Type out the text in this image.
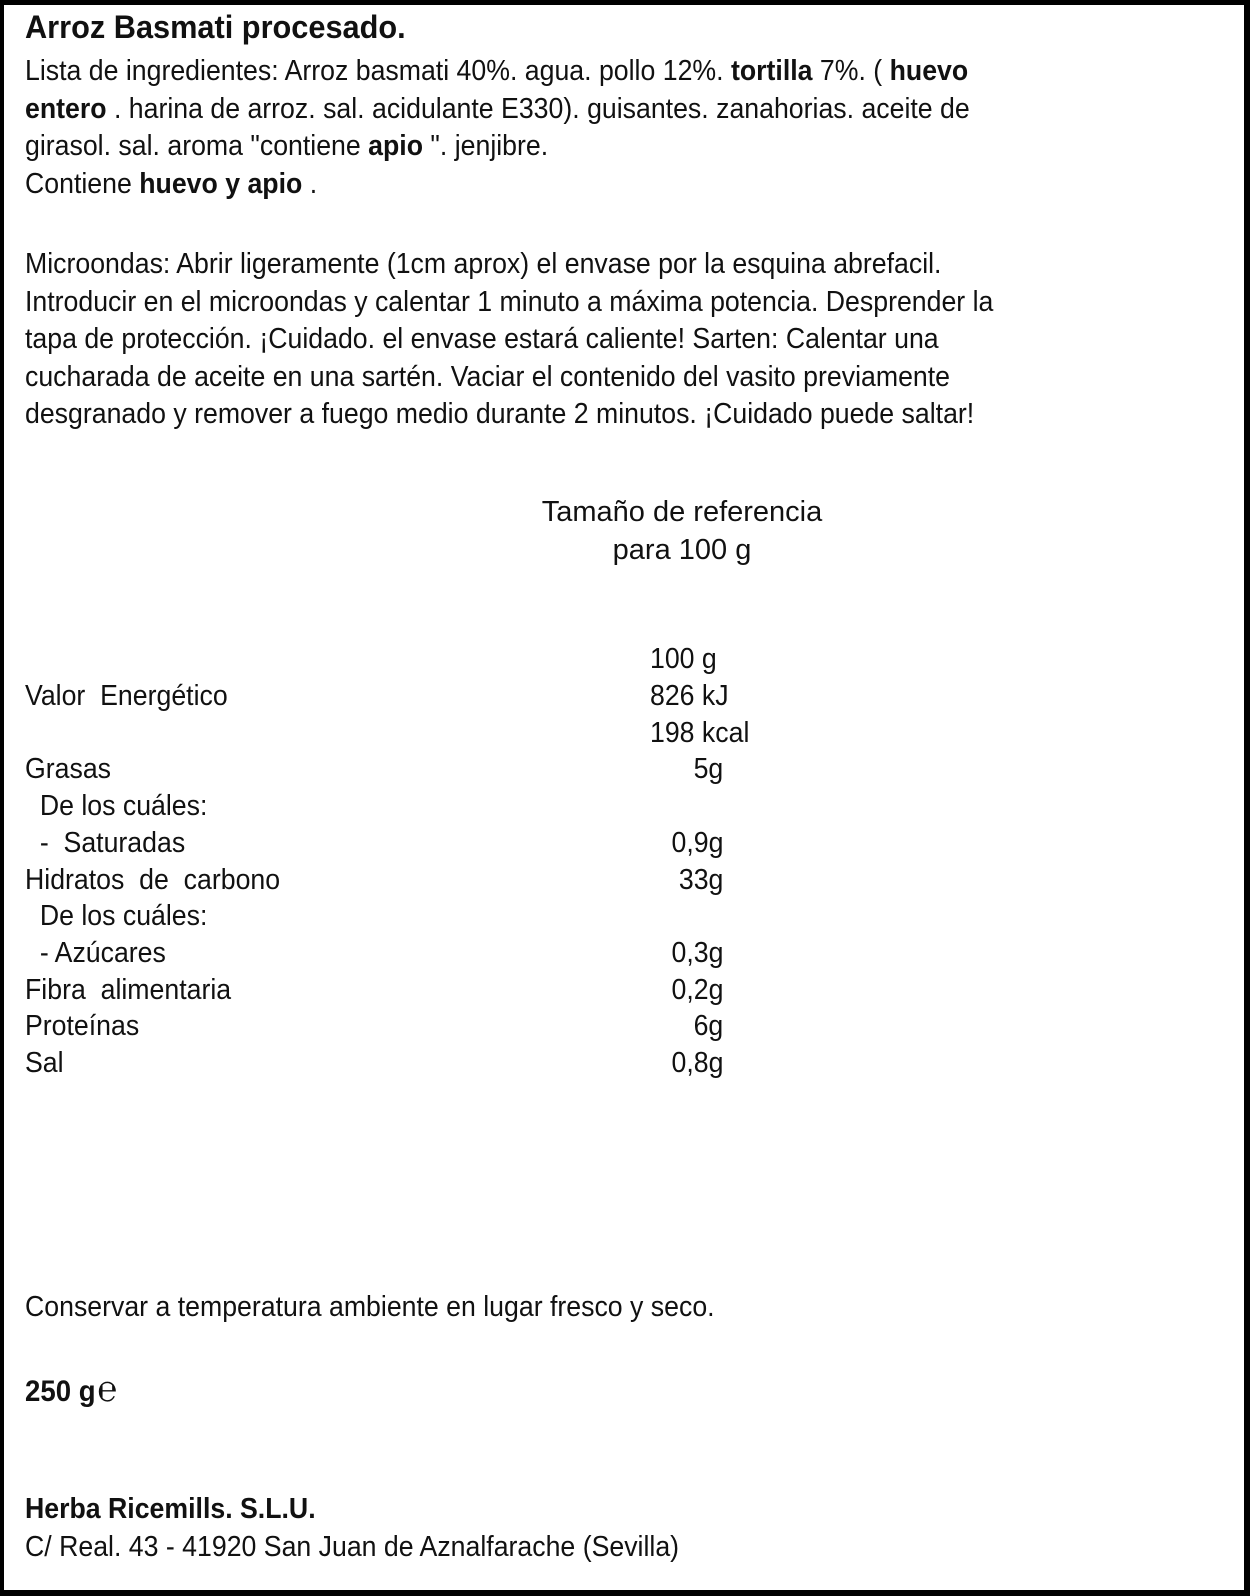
Arroz Basmati procesado.
Lista de ingredientes: Arroz basmati 40%. agua. pollo 12%. tortilla 7%. ( huevo
entero . harina de arroz. sal. acidulante E330). guisantes. zanahorias. aceite de
girasol. sal. aroma "contiene apio ". jenjibre.
Contiene huevo y apio .
Microondas: Abrir ligeramente (1cm aprox) el envase por la esquina abrefacil.
Introducir en el microondas y calentar 1 minuto a máxima potencia. Desprender la
tapa de protección. ¡Cuidado. el envase estará caliente! Sarten: Calentar una
cucharada de aceite en una sartén. Vaciar el contenido del vasito previamente
desgranado y remover a fuego medio durante 2 minutos. ¡Cuidado puede saltar!
Tamaño de referencia
para 100 g
100 g
Valor  Energético	826 kJ
198 kcal
Grasas	5g
De los cuáles:
-  Saturadas	0,9g
Hidratos  de  carbono	33g
De los cuáles:
- Azúcares	0,3g
Fibra  alimentaria	0,2g
Proteínas	6g
Sal	0,8g
Conservar a temperatura ambiente en lugar fresco y seco.
250 g℮
Herba Ricemills. S.L.U.
C/ Real. 43 - 41920 San Juan de Aznalfarache (Sevilla)
